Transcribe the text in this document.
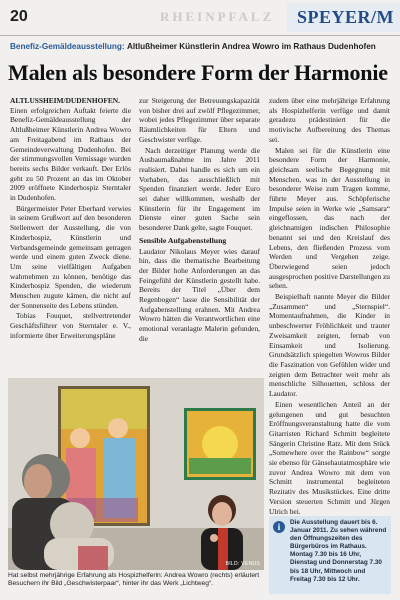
20	RHEINPFALZ	SPEYER/M
Benefiz-Gemäldeausstellung: Altlußheimer Künstlerin Andrea Wowro im Rathaus Dudenhofen
Malen als besondere Form der Harmonie

ALTLUSSHEIM/DUDENHOFEN. Einen erfolgreichen Auftakt feierte die Benefiz-Gemäldeausstellung der Altlußheimer Künstlerin Andrea Wowro am Freitagabend im Rathaus der Gemeindeverwaltung Dudenhofen. Bei der stimmungsvollen Vernissage wurden bereits sechs Bilder verkauft. Der Erlös geht zu 50 Prozent an das im Oktober 2009 eröffnete Kinderhospiz Sterntaler in Dudenhofen.

Bürgermeister Peter Eberhard verwies in seinem Grußwort auf den besonderen Stellenwert der Ausstellung, die von Kinderhospiz, Künstlerin und Verbandsgemeinde gemeinsam getragen werde und einem guten Zweck diene. Um seine vielfältigen Aufgaben wahrnehmen zu können, benötige das Kinderhospiz Spenden, die wiederum Menschen zugute kämen, die nicht auf der Sonnenseite des Lebens stünden.

Tobias Fouquet, stellvertretender Geschäftsführer von Sterntaler e. V., informierte über Erweiterungspläne

zur Steigerung der Betreuungskapazität von bisher drei auf zwölf Pflegezimmer, wobei jedes Pflegezimmer über separate Räumlichkeiten für Eltern und Geschwister verfüge.

Nach derzeitiger Planung werde die Ausbaumaßnahme im Jahre 2011 realisiert. Dabei handle es sich um ein Vorhaben, das ausschließlich mit Spenden finanziert werde. Jeder Euro sei daher willkommen, weshalb der Künstlerin für ihr Engagement im Dienste einer guten Sache sein besonderer Dank gelte, sagte Fouquet.

Sensible Aufgabenstellung

Laudator Nikolaus Meyer wies darauf hin, dass die thematische Bearbeitung der Bilder hohe Anforderungen an das Feingefühl der Künstlerin gestellt habe. Bereits der Titel „Über dem Regenbogen“ lasse die Sensibilität der Aufgabenstellung erahnen. Mit Andrea Wowro hätten die Verantwortlichen eine emotional veranlagte Malerin gefunden, die

zudem über eine mehrjährige Erfahrung als Hospizhelferin verfüge und damit geradezu prädestiniert für die motivische Aufbereitung des Themas sei.

Malen sei für die Künstlerin eine besondere Form der Harmonie, gleichsam seelische Begegnung mit Menschen, was in der Ausstellung in besonderer Weise zum Tragen komme, führte Meyer aus. Schöpferische Impulse seien in Werke wie „Samsara“ eingeflossen, das nach der gleichnamigen indischen Philosophie benannt sei und den Kreislauf des Lebens, den fließenden Prozess vom Werden und Vergehen zeige. Überwiegend seien jedoch ausgesprochen positive Darstellungen zu sehen.

Beispielhaft nannte Meyer die Bilder „Zusammen“ und „Sternspiel“. Momentaufnahmen, die Kinder in unbeschwerter Fröhlichkeit und trauter Zweisamkeit zeigten, fernab von Einsamkeit und Isolierung. Grundsätzlich spiegelten Wowros Bilder die Faszination von Gefühlen wider und zeigten dem Betrachter weit mehr als menschliche Silhouetten, schloss der Laudator.

Einen wesentlichen Anteil an der gelungenen und gut besuchten Eröffnungsveranstaltung hatte die vom Gitarristen Richard Schmitt begleitete Sängerin Christine Ratz. Mit dem Stück „Somewhere over the Rainbow“ sorgte sie ebenso für Gänsehautatmosphäre wie zuvor Andrea Wowro mit dem von Schmitt instrumental begleiteten Rezitativ des Musikstückes. Eine dritte Version steuerten Schmitt und Jürgen Ulrich bei.

BILD: VENUS
Hat selbst mehrjährige Erfahrung als Hospizhelferin: Andrea Wowro (rechts) erläutert Besuchern ihr Bild „Geschwisterpaar“, hinter ihr das Werk „Lichtweg“.
i	Die Ausstellung dauert bis 6. Januar 2011. Zu sehen während den Öffnungszeiten des Bürgerbüros im Rathaus. Montag 7.30 bis 16 Uhr, Dienstag und Donnerstag 7.30 bis 18 Uhr, Mittwoch und Freitag 7.30 bis 12 Uhr.
